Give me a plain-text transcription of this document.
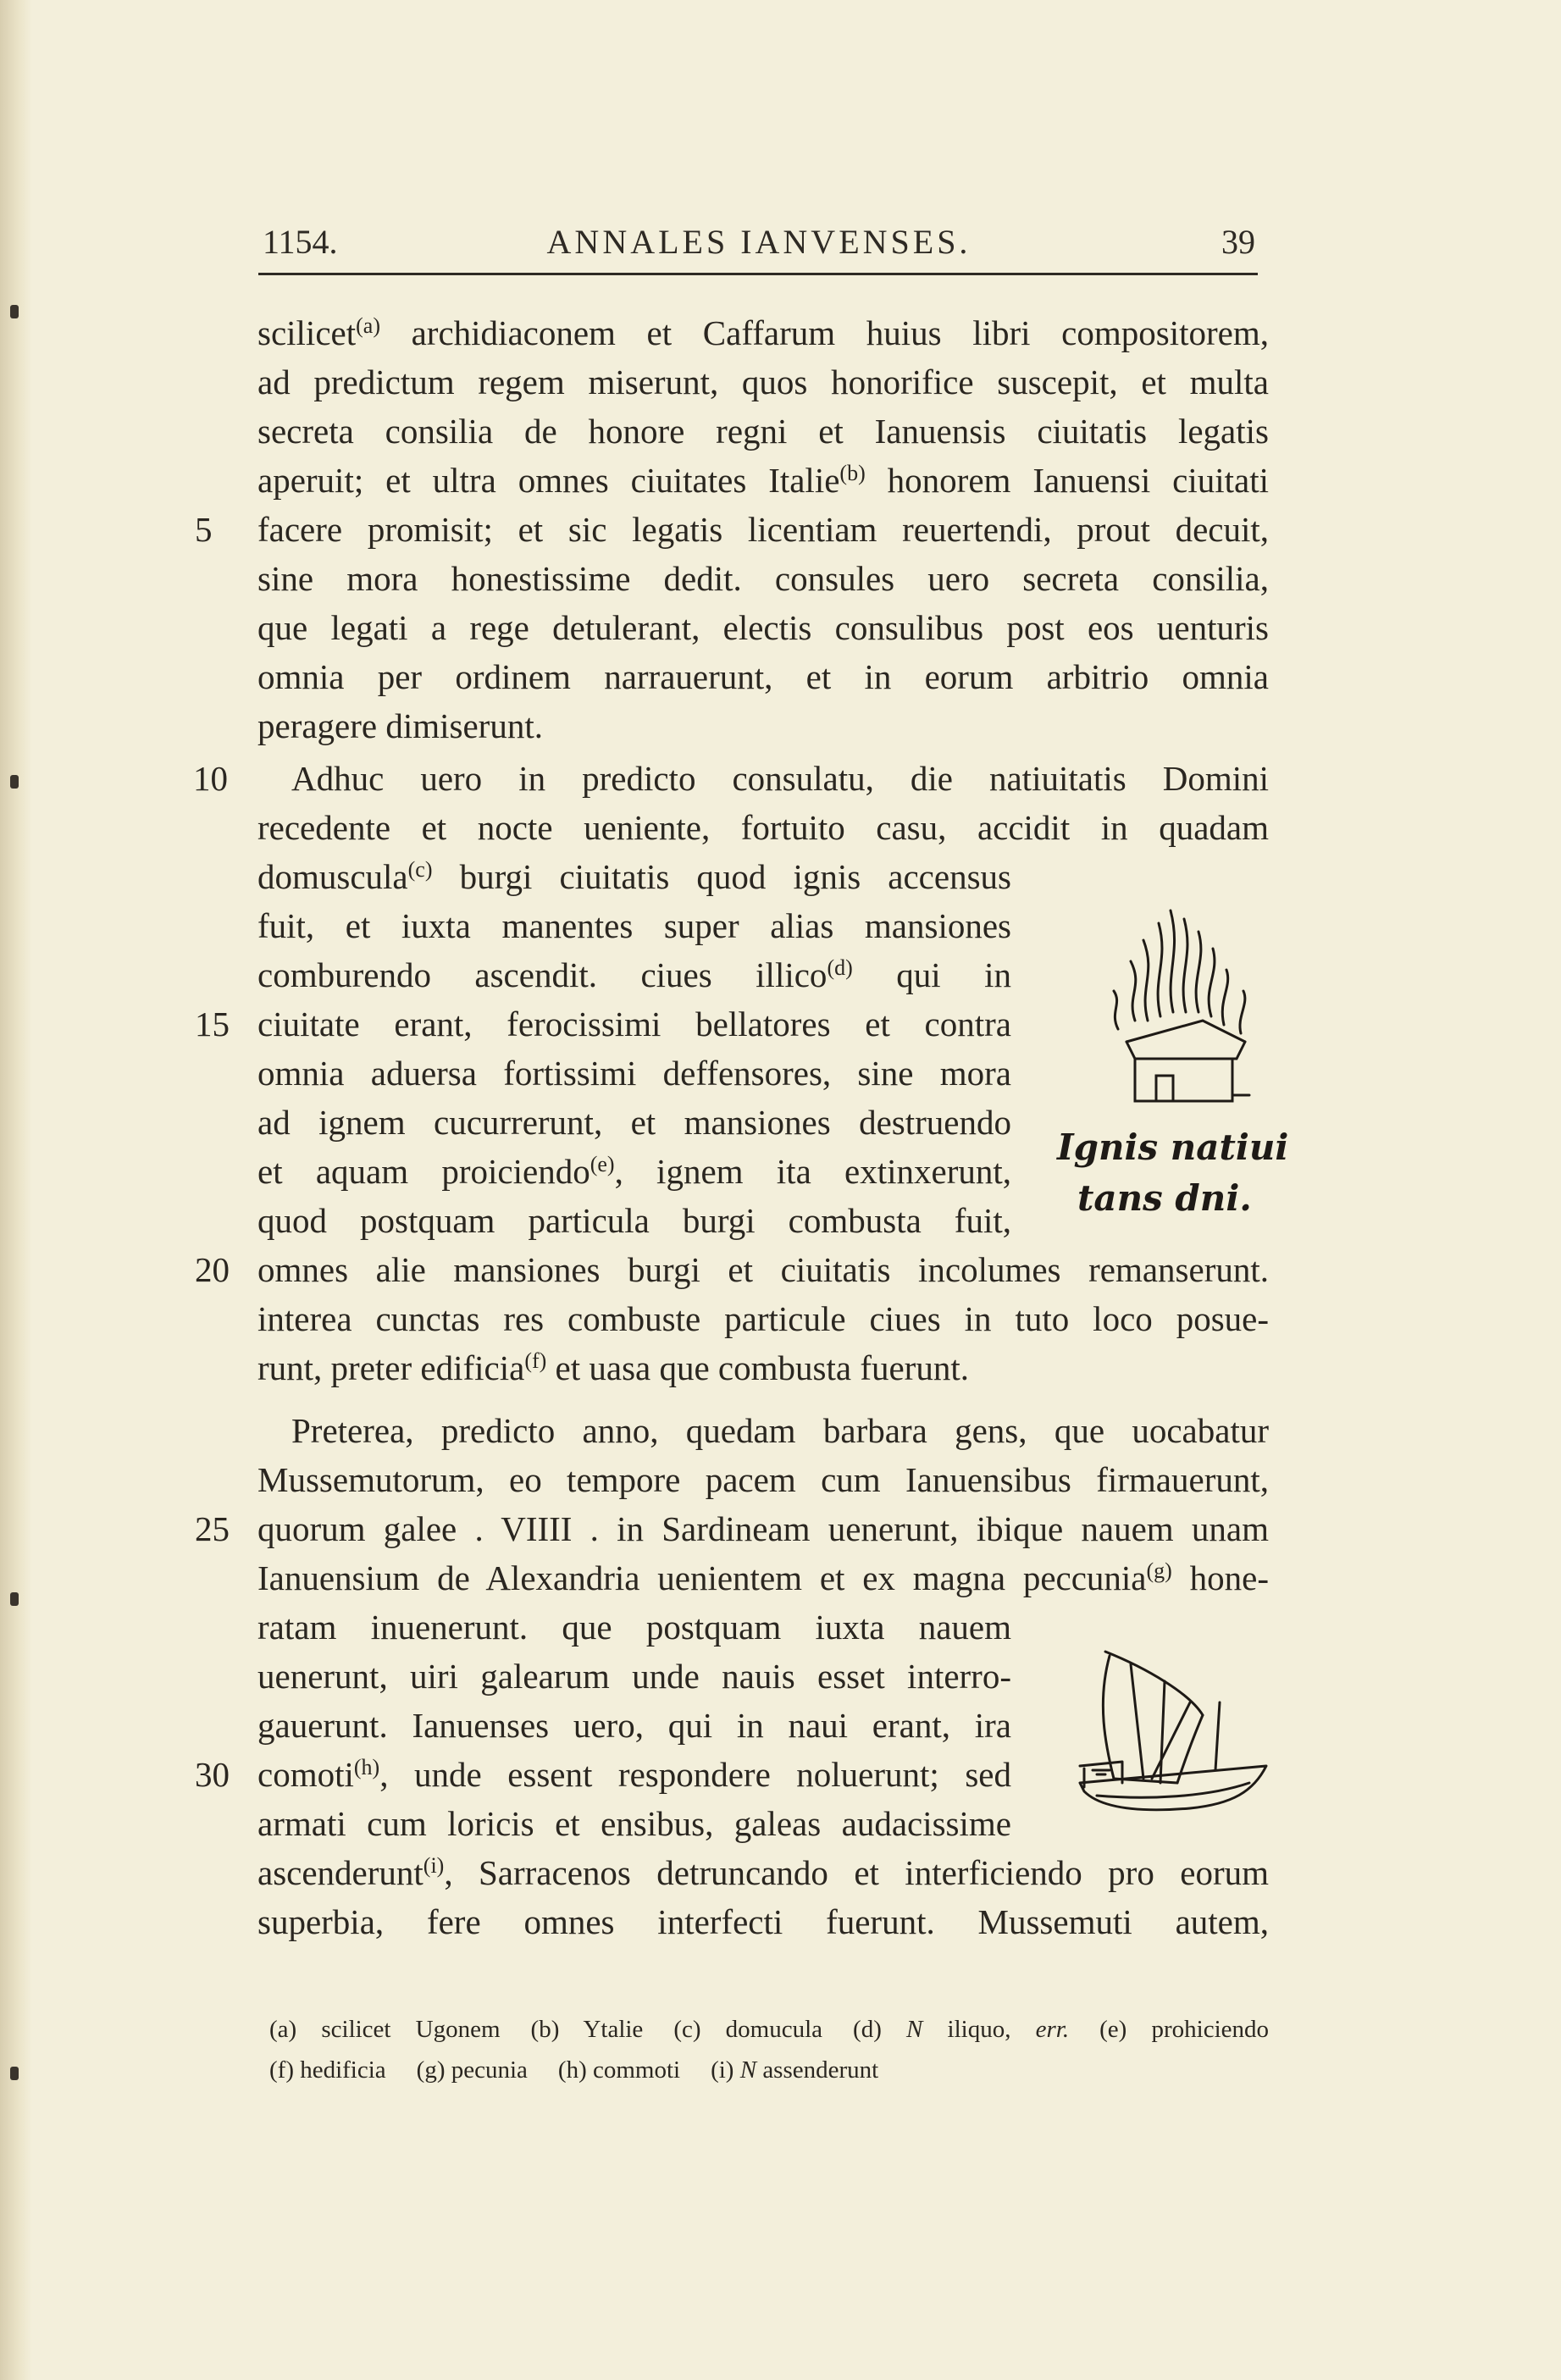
ANNALES IANVENSES.
1154.	39
scilicet$^{(a)}$ archidiaconem et Caffarum huius libri compositorem,
ad predictum regem miserunt, quos honorifice suscepit, et multa
secreta consilia de honore regni et Ianuensis ciuitatis legatis
aperuit; et ultra omnes ciuitates Italie$^{(b)}$ honorem Ianuensi ciuitati
facere promisit; et sic legatis licentiam reuertendi, prout decuit,
sine mora honestissime dedit. consules uero secreta consilia,
que legati a rege detulerant, electis consulibus post eos uenturis
omnia per ordinem narrauerunt, et in eorum arbitrio omnia
peragere dimiserunt.
Adhuc uero in predicto consulatu, die natiuitatis Domini
recedente et nocte ueniente, fortuito casu, accidit in quadam
domuscula$^{(c)}$ burgi ciuitatis quod ignis accensus
fuit, et iuxta manentes super alias mansiones
comburendo ascendit. ciues illico$^{(d)}$ qui in
ciuitate erant, ferocissimi bellatores et contra
omnia aduersa fortissimi deffensores, sine mora
ad ignem cucurrerunt, et mansiones destruendo
et aquam proiciendo$^{(e)}$, ignem ita extinxerunt,
quod postquam particula burgi combusta fuit,
omnes alie mansiones burgi et ciuitatis incolumes remanserunt.
interea cunctas res combuste particule ciues in tuto loco posue-
runt, preter edificia$^{(f)}$ et uasa que combusta fuerunt.
Preterea, predicto anno, quedam barbara gens, que uocabatur
Mussemutorum, eo tempore pacem cum Ianuensibus firmauerunt,
quorum galee . VIIII . in Sardineam uenerunt, ibique nauem unam
Ianuensium de Alexandria uenientem et ex magna peccunia$^{(g)}$ hone-
ratam inuenerunt. que postquam iuxta nauem
uenerunt, uiri galearum unde nauis esset interro-
gauerunt. Ianuenses uero, qui in naui erant, ira
comoti$^{(h)}$, unde essent respondere noluerunt; sed
armati cum loricis et ensibus, galeas audacissime
ascenderunt$^{(i)}$, Sarracenos detruncando et interficiendo pro eorum
superbia, fere omnes interfecti fuerunt. Mussemuti autem,
5
10
15
20
25
30
Ignis natiui
tans dni.
(a) scilicet Ugonem (b) Ytalie (c) domucula (d) N iliquo, err. (e) prohiciendo
(f) hedificia (g) pecunia (h) commoti (i) N assenderunt
